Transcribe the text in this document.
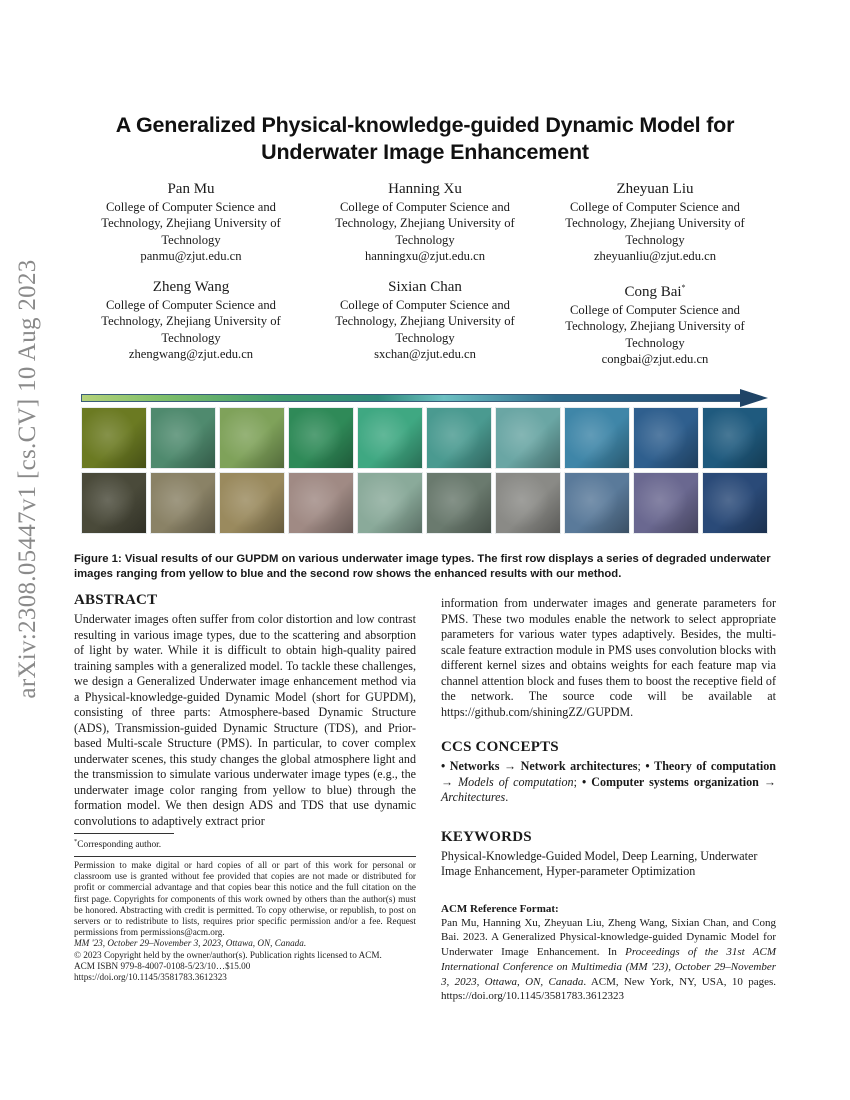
arXiv:2308.05447v1 [cs.CV] 10 Aug 2023
A Generalized Physical-knowledge-guided Dynamic Model for Underwater Image Enhancement
Pan Mu
College of Computer Science and Technology, Zhejiang University of Technology
panmu@zjut.edu.cn
Hanning Xu
College of Computer Science and Technology, Zhejiang University of Technology
hanningxu@zjut.edu.cn
Zheyuan Liu
College of Computer Science and Technology, Zhejiang University of Technology
zheyuanliu@zjut.edu.cn
Zheng Wang
College of Computer Science and Technology, Zhejiang University of Technology
zhengwang@zjut.edu.cn
Sixian Chan
College of Computer Science and Technology, Zhejiang University of Technology
sxchan@zjut.edu.cn
Cong Bai*
College of Computer Science and Technology, Zhejiang University of Technology
congbai@zjut.edu.cn
Figure 1: Visual results of our GUPDM on various underwater image types. The first row displays a series of degraded underwater images ranging from yellow to blue and the second row shows the enhanced results with our method.
ABSTRACT

Underwater images often suffer from color distortion and low contrast resulting in various image types, due to the scattering and absorption of light by water. While it is difficult to obtain high-quality paired training samples with a generalized model. To tackle these challenges, we design a Generalized Underwater image enhancement method via a Physical-knowledge-guided Dynamic Model (short for GUPDM), consisting of three parts: Atmosphere-based Dynamic Structure (ADS), Transmission-guided Dynamic Structure (TDS), and Prior-based Multi-scale Structure (PMS). In particular, to cover complex underwater scenes, this study changes the global atmosphere light and the transmission to simulate various underwater image types (e.g., the underwater image color ranging from yellow to blue) through the formation model. We then design ADS and TDS that use dynamic convolutions to adaptively extract prior

*Corresponding author.
Permission to make digital or hard copies of all or part of this work for personal or classroom use is granted without fee provided that copies are not made or distributed for profit or commercial advantage and that copies bear this notice and the full citation on the first page. Copyrights for components of this work owned by others than the author(s) must be honored. Abstracting with credit is permitted. To copy otherwise, or republish, to post on servers or to redistribute to lists, requires prior specific permission and/or a fee. Request permissions from permissions@acm.org.
MM '23, October 29–November 3, 2023, Ottawa, ON, Canada.
© 2023 Copyright held by the owner/author(s). Publication rights licensed to ACM.
ACM ISBN 979-8-4007-0108-5/23/10…$15.00
https://doi.org/10.1145/3581783.3612323

information from underwater images and generate parameters for PMS. These two modules enable the network to select appropriate parameters for various water types adaptively. Besides, the multi-scale feature extraction module in PMS uses convolution blocks with different kernel sizes and obtains weights for each feature map via channel attention block and fuses them to boost the receptive field of the network. The source code will be available at https://github.com/shiningZZ/GUPDM.

CCS CONCEPTS

• Networks → Network architectures; • Theory of computation → Models of computation; • Computer systems organization → Architectures.

KEYWORDS

Physical-Knowledge-Guided Model, Deep Learning, Underwater Image Enhancement, Hyper-parameter Optimization

ACM Reference Format:

Pan Mu, Hanning Xu, Zheyuan Liu, Zheng Wang, Sixian Chan, and Cong Bai. 2023. A Generalized Physical-knowledge-guided Dynamic Model for Underwater Image Enhancement. In Proceedings of the 31st ACM International Conference on Multimedia (MM '23), October 29–November 3, 2023, Ottawa, ON, Canada. ACM, New York, NY, USA, 10 pages. https://doi.org/10.1145/3581783.3612323
